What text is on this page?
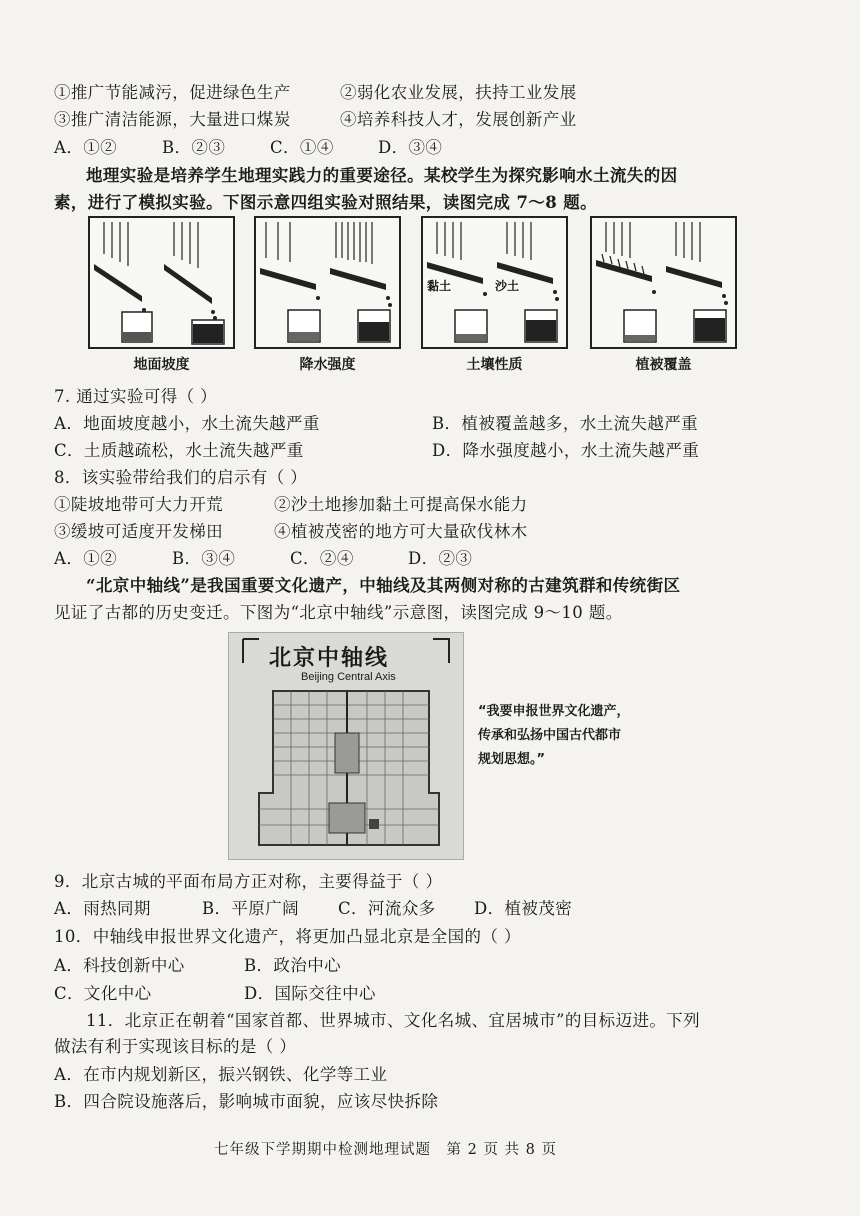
①推广节能减污，促进绿色生产	②弱化农业发展，扶持工业发展
③推广清洁能源，大量进口煤炭	④培养科技人才，发展创新产业
A．①②	B．②③	C．①④	D．③④
地理实验是培养学生地理实践力的重要途径。某校学生为探究影响水土流失的因
素，进行了模拟实验。下图示意四组实验对照结果，读图完成 7～8 题。
地面坡度	降水强度
黏土	沙土
土壤性质	植被覆盖
7. 通过实验可得（ ）
A．地面坡度越小，水土流失越严重	B．植被覆盖越多，水土流失越严重
C．土质越疏松，水土流失越严重	D．降水强度越小，水土流失越严重
8．该实验带给我们的启示有（ ）
①陡坡地带可大力开荒	②沙土地掺加黏土可提高保水能力
③缓坡可适度开发梯田	④植被茂密的地方可大量砍伐林木
A．①②	B．③④	C．②④	D．②③
“北京中轴线”是我国重要文化遗产，中轴线及其两侧对称的古建筑群和传统街区
见证了古都的历史变迁。下图为“北京中轴线”示意图，读图完成 9～10 题。
北京中轴线
Beijing Central Axis
“我要申报世界文化遗产，
传承和弘扬中国古代都市
规划思想。”
9．北京古城的平面布局方正对称，主要得益于（ ）
A．雨热同期	B．平原广阔	C．河流众多	D．植被茂密
10．中轴线申报世界文化遗产，将更加凸显北京是全国的（ ）
A．科技创新中心	B．政治中心
C．文化中心	D．国际交往中心
11．北京正在朝着“国家首都、世界城市、文化名城、宜居城市”的目标迈进。下列
做法有利于实现该目标的是（ ）
A．在市内规划新区，振兴钢铁、化学等工业
B．四合院设施落后，影响城市面貌，应该尽快拆除
七年级下学期期中检测地理试题　第 2 页 共 8 页
